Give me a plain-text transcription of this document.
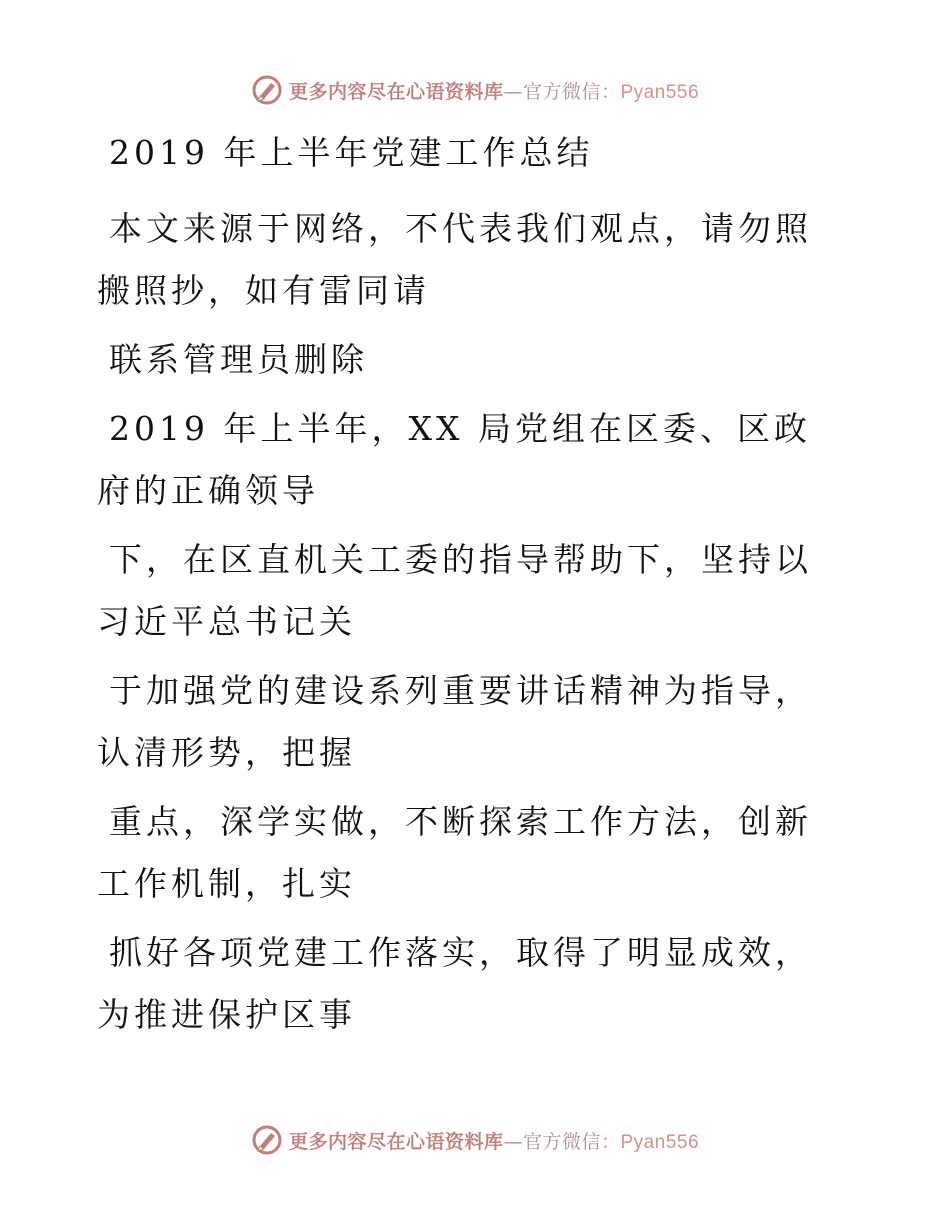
更多内容尽在心语资料库—官方微信：Pyan556

2019 年上半年党建工作总结

本文来源于网络，不代表我们观点，请勿照搬照抄，如有雷同请

联系管理员删除

2019 年上半年，XX 局党组在区委、区政府的正确领导

下，在区直机关工委的指导帮助下，坚持以习近平总书记关

于加强党的建设系列重要讲话精神为指导，认清形势，把握

重点，深学实做，不断探索工作方法，创新工作机制，扎实

抓好各项党建工作落实，取得了明显成效，为推进保护区事

更多内容尽在心语资料库—官方微信：Pyan556
